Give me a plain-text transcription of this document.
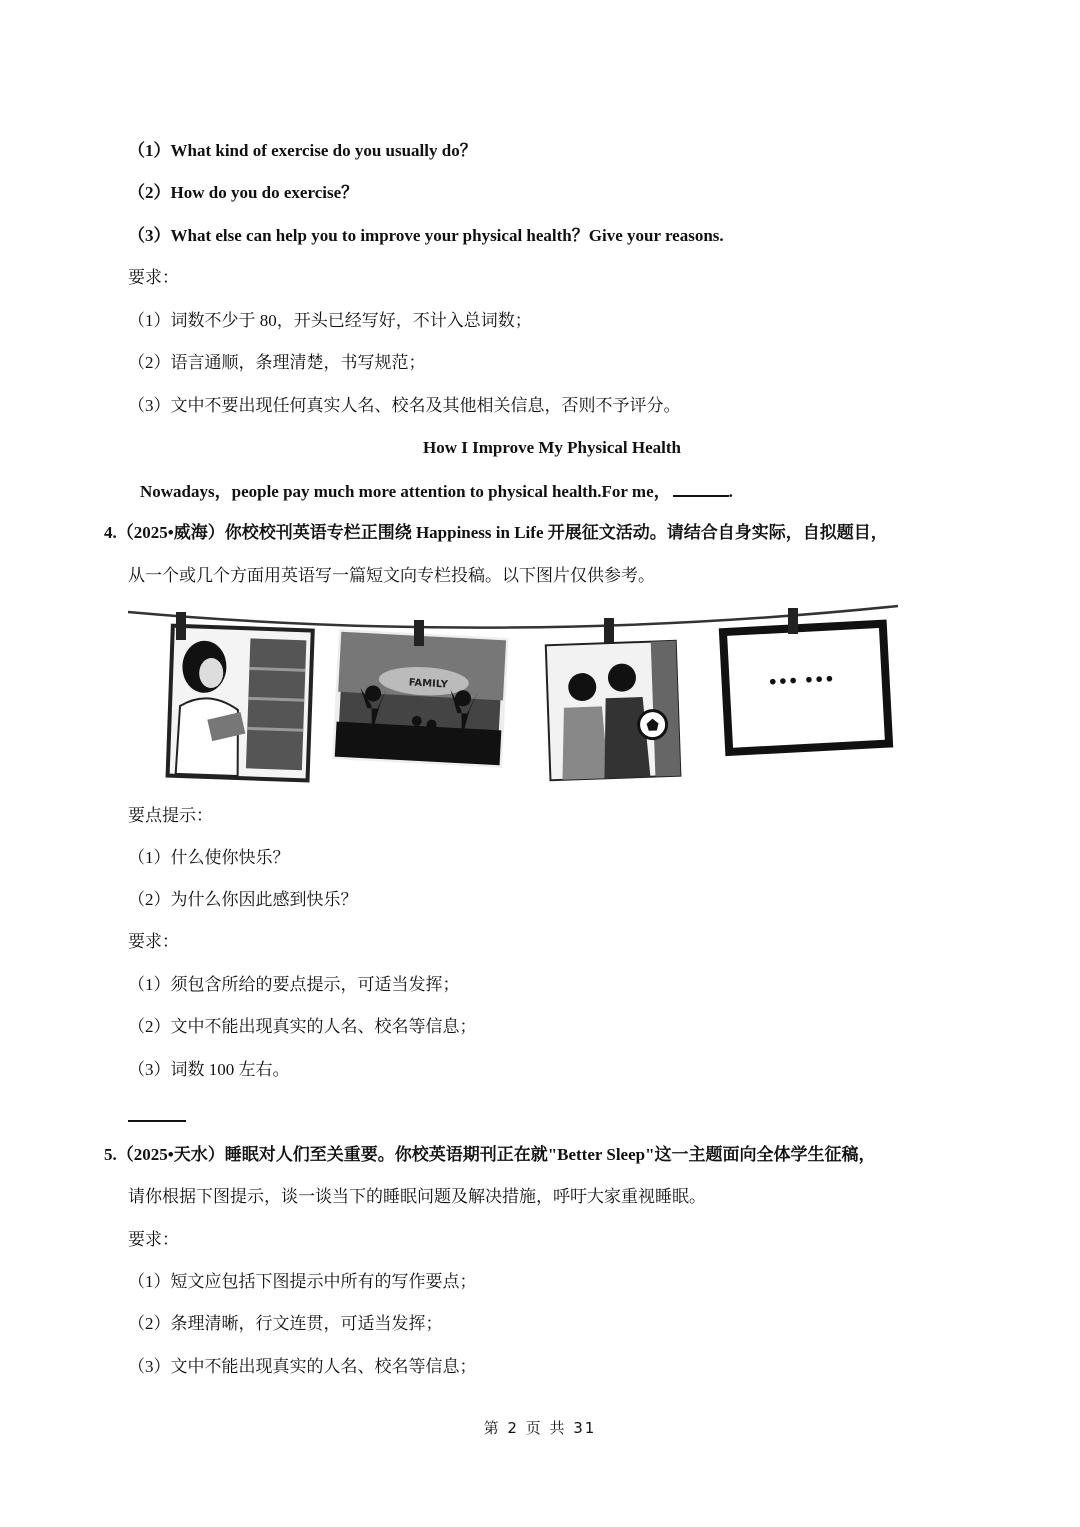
（1）What kind of exercise do you usually do？
（2）How do you do exercise？
（3）What else can help you to improve your physical health？Give your reasons.
要求：
（1）词数不少于 80，开头已经写好，不计入总词数；
（2）语言通顺，条理清楚，书写规范；
（3）文中不要出现任何真实人名、校名及其他相关信息，否则不予评分。
How I Improve My Physical Health
Nowadays，people pay much more attention to physical health.For me，	.
4.（2025•威海）你校校刊英语专栏正围绕 Happiness in Life 开展征文活动。请结合自身实际，自拟题目，
从一个或几个方面用英语写一篇短文向专栏投稿。以下图片仅供参考。
FAMILY	••• •••
要点提示：
（1）什么使你快乐？
（2）为什么你因此感到快乐？
要求：
（1）须包含所给的要点提示，可适当发挥；
（2）文中不能出现真实的人名、校名等信息；
（3）词数 100 左右。
5.（2025•天水）睡眠对人们至关重要。你校英语期刊正在就"Better Sleep"这一主题面向全体学生征稿，
请你根据下图提示，谈一谈当下的睡眠问题及解决措施，呼吁大家重视睡眠。
要求：
（1）短文应包括下图提示中所有的写作要点；
（2）条理清晰，行文连贯，可适当发挥；
（3）文中不能出现真实的人名、校名等信息；
第 2 页 共 31
